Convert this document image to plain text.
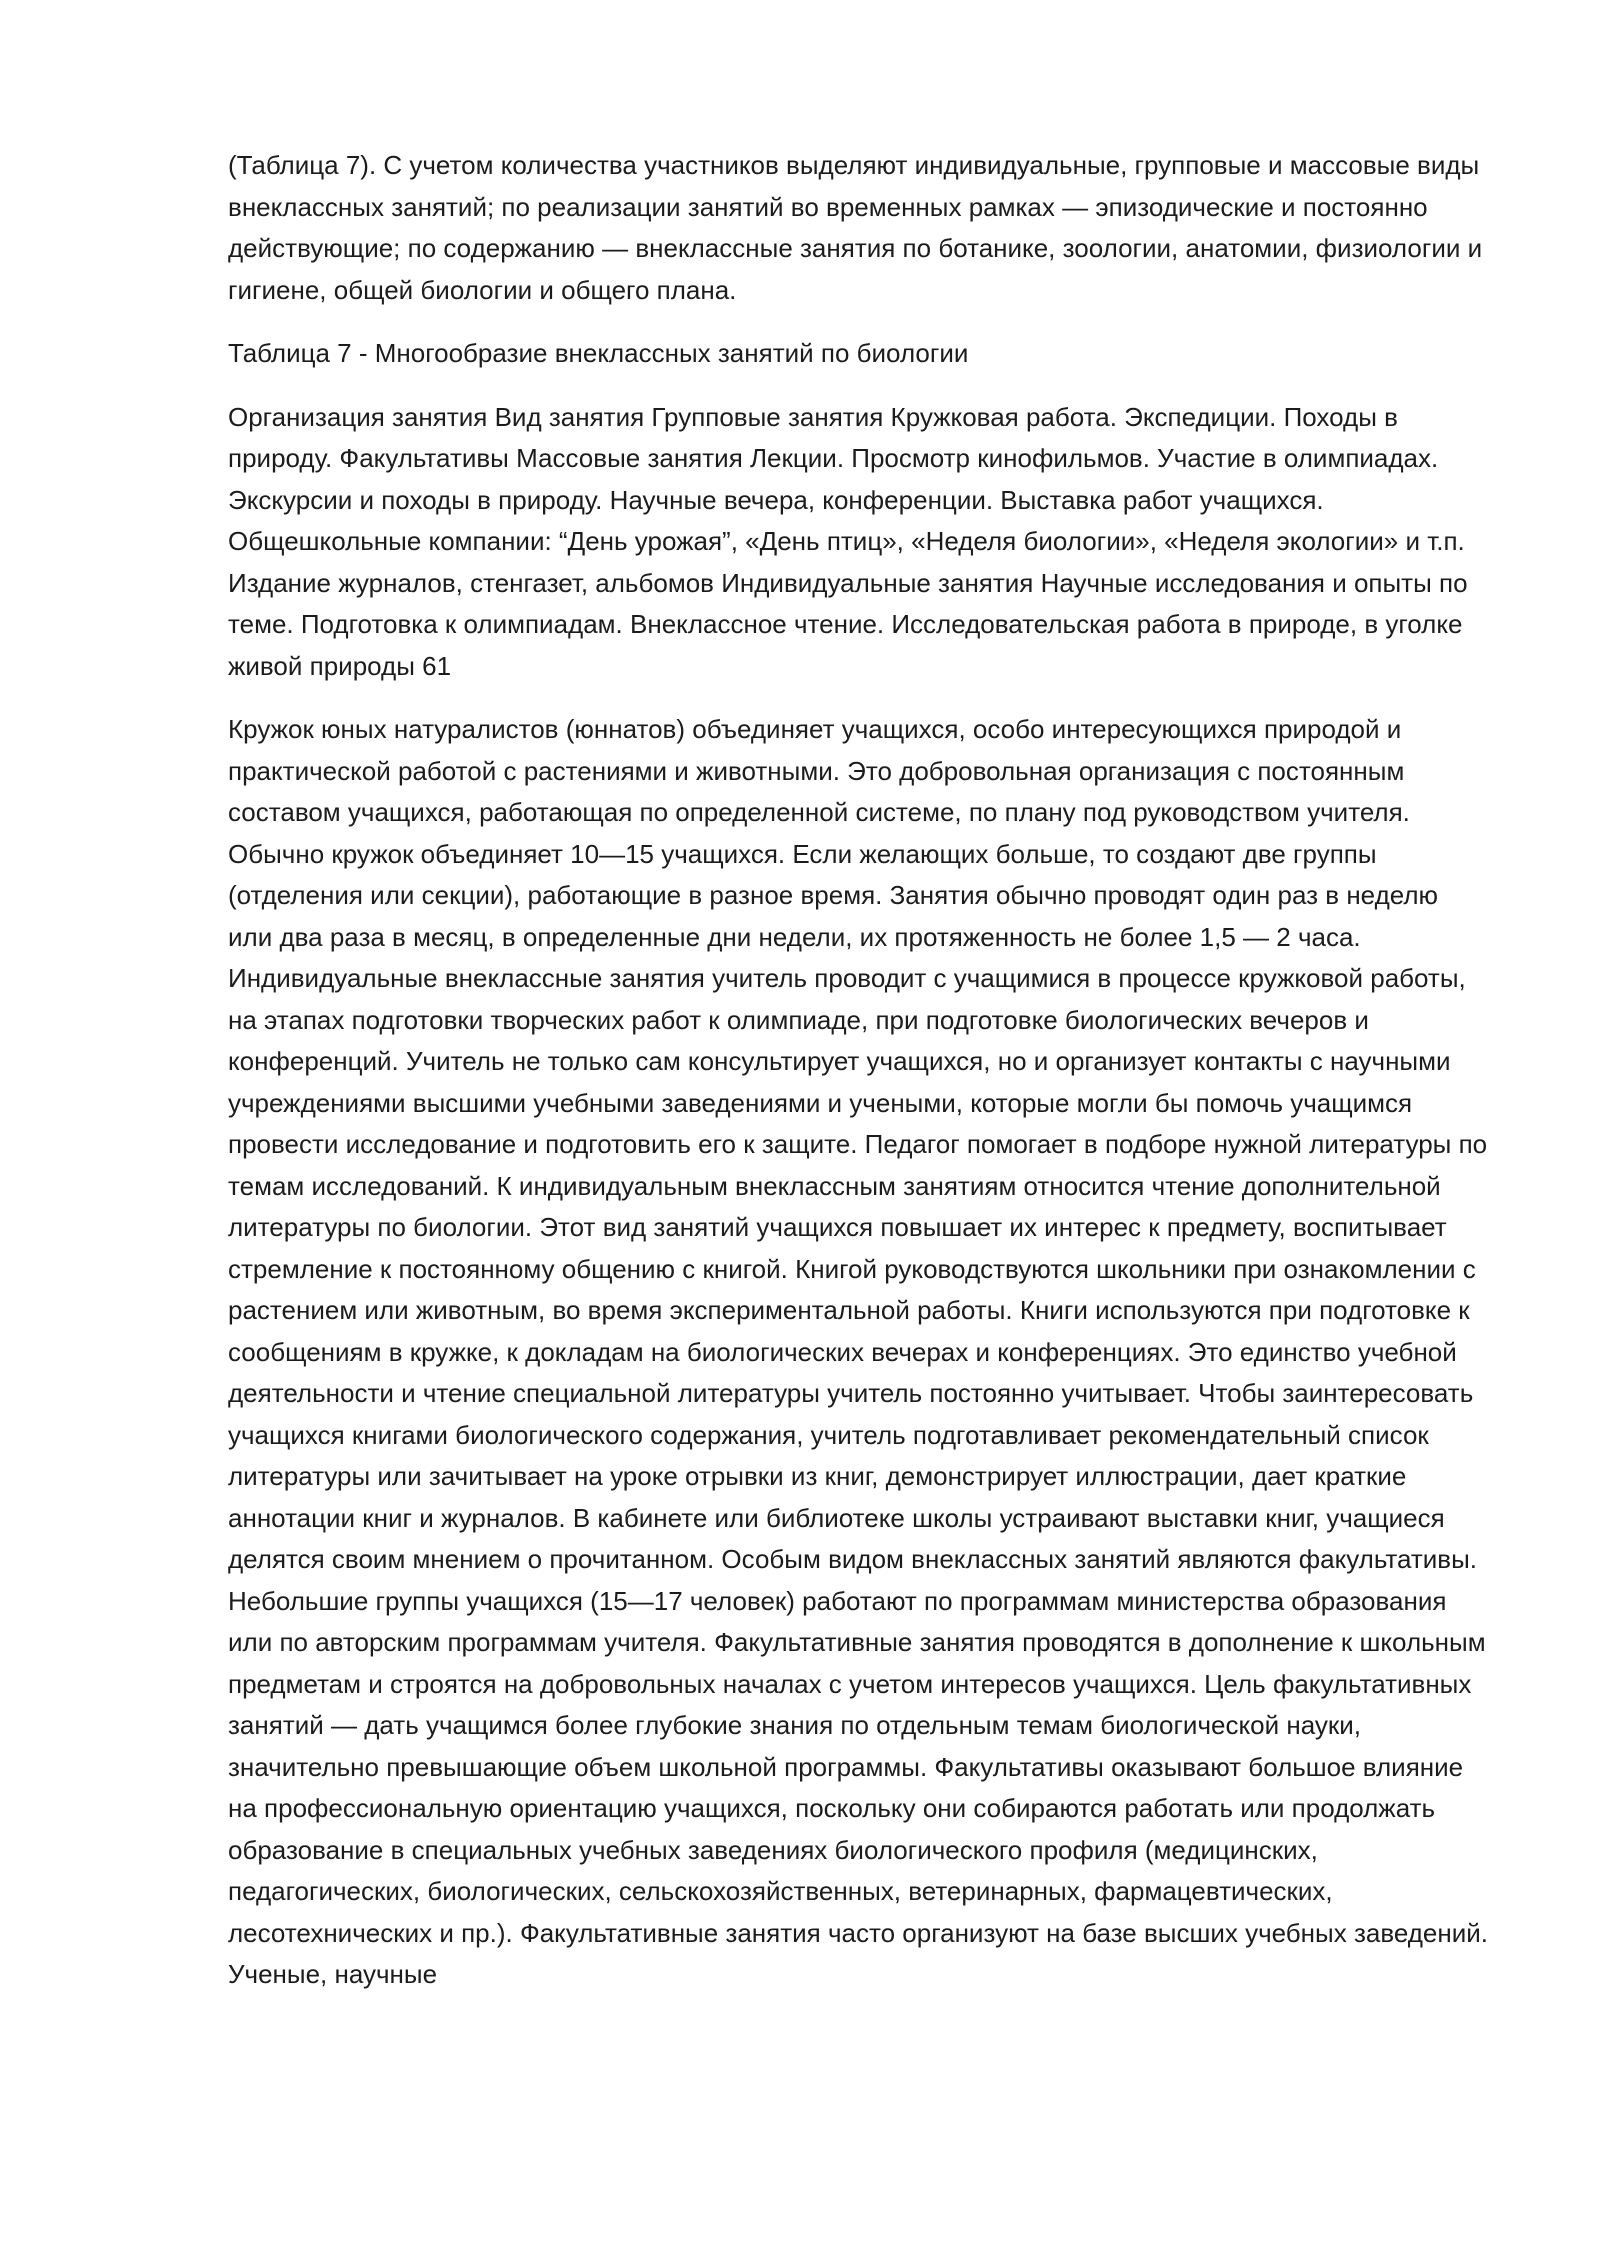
(Таблица 7). С учетом количества участников выделяют индивидуальные, групповые и массовые виды внеклассных занятий; по реализации занятий во временных рамках — эпизодические и постоянно действующие; по содержанию — внеклассные занятия по ботанике, зоологии, анатомии, физиологии и гигиене, общей биологии и общего плана.

Таблица 7 - Многообразие внеклассных занятий по биологии

Организация занятия Вид занятия Групповые занятия Кружковая работа. Экспедиции. Походы в природу. Факультативы Массовые занятия Лекции. Просмотр кинофильмов. Участие в олимпиадах. Экскурсии и походы в природу. Научные вечера, конференции. Выставка работ учащихся. Общешкольные компании: “День урожая”, «День птиц», «Неделя биологии», «Неделя экологии» и т.п. Издание журналов, стенгазет, альбомов Индивидуальные занятия Научные исследования и опыты по теме. Подготовка к олимпиадам. Внеклассное чтение. Исследовательская работа в природе, в уголке живой природы 61

Кружок юных натуралистов (юннатов) объединяет учащихся, особо интересующихся природой и практической работой с растениями и животными. Это добровольная организация с постоянным составом учащихся, работающая по определенной системе, по плану под руководством учителя. Обычно кружок объединяет 10—15 учащихся. Если желающих больше, то создают две группы (отделения или секции), работающие в разное время. Занятия обычно проводят один раз в неделю или два раза в месяц, в определенные дни недели, их протяженность не более 1,5 — 2 часа. Индивидуальные внеклассные занятия учитель проводит с учащимися в процессе кружковой работы, на этапах подготовки творческих работ к олимпиаде, при подготовке биологических вечеров и конференций. Учитель не только сам консультирует учащихся, но и организует контакты с научными учреждениями высшими учебными заведениями и учеными, которые могли бы помочь учащимся провести исследование и подготовить его к защите. Педагог помогает в подборе нужной литературы по темам исследований. К индивидуальным внеклассным занятиям относится чтение дополнительной литературы по биологии. Этот вид занятий учащихся повышает их интерес к предмету, воспитывает стремление к постоянному общению с книгой. Книгой руководствуются школьники при ознакомлении с растением или животным, во время экспериментальной работы. Книги используются при подготовке к сообщениям в кружке, к докладам на биологических вечерах и конференциях. Это единство учебной деятельности и чтение специальной литературы учитель постоянно учитывает. Чтобы заинтересовать учащихся книгами биологического содержания, учитель подготавливает рекомендательный список литературы или зачитывает на уроке отрывки из книг, демонстрирует иллюстрации, дает краткие аннотации книг и журналов. В кабинете или библиотеке школы устраивают выставки книг, учащиеся делятся своим мнением о прочитанном. Особым видом внеклассных занятий являются факультативы. Небольшие группы учащихся (15—17 человек) работают по программам министерства образования или по авторским программам учителя. Факультативные занятия проводятся в дополнение к школьным предметам и строятся на добровольных началах с учетом интересов учащихся. Цель факультативных занятий — дать учащимся более глубокие знания по отдельным темам биологической науки, значительно превышающие объем школьной программы. Факультативы оказывают большое влияние на профессиональную ориентацию учащихся, поскольку они собираются работать или продолжать образование в специальных учебных заведениях биологического профиля (медицинских, педагогических, биологических, сельскохозяйственных, ветеринарных, фармацевтических, лесотехнических и пр.). Факультативные занятия часто организуют на базе высших учебных заведений. Ученые, научные
